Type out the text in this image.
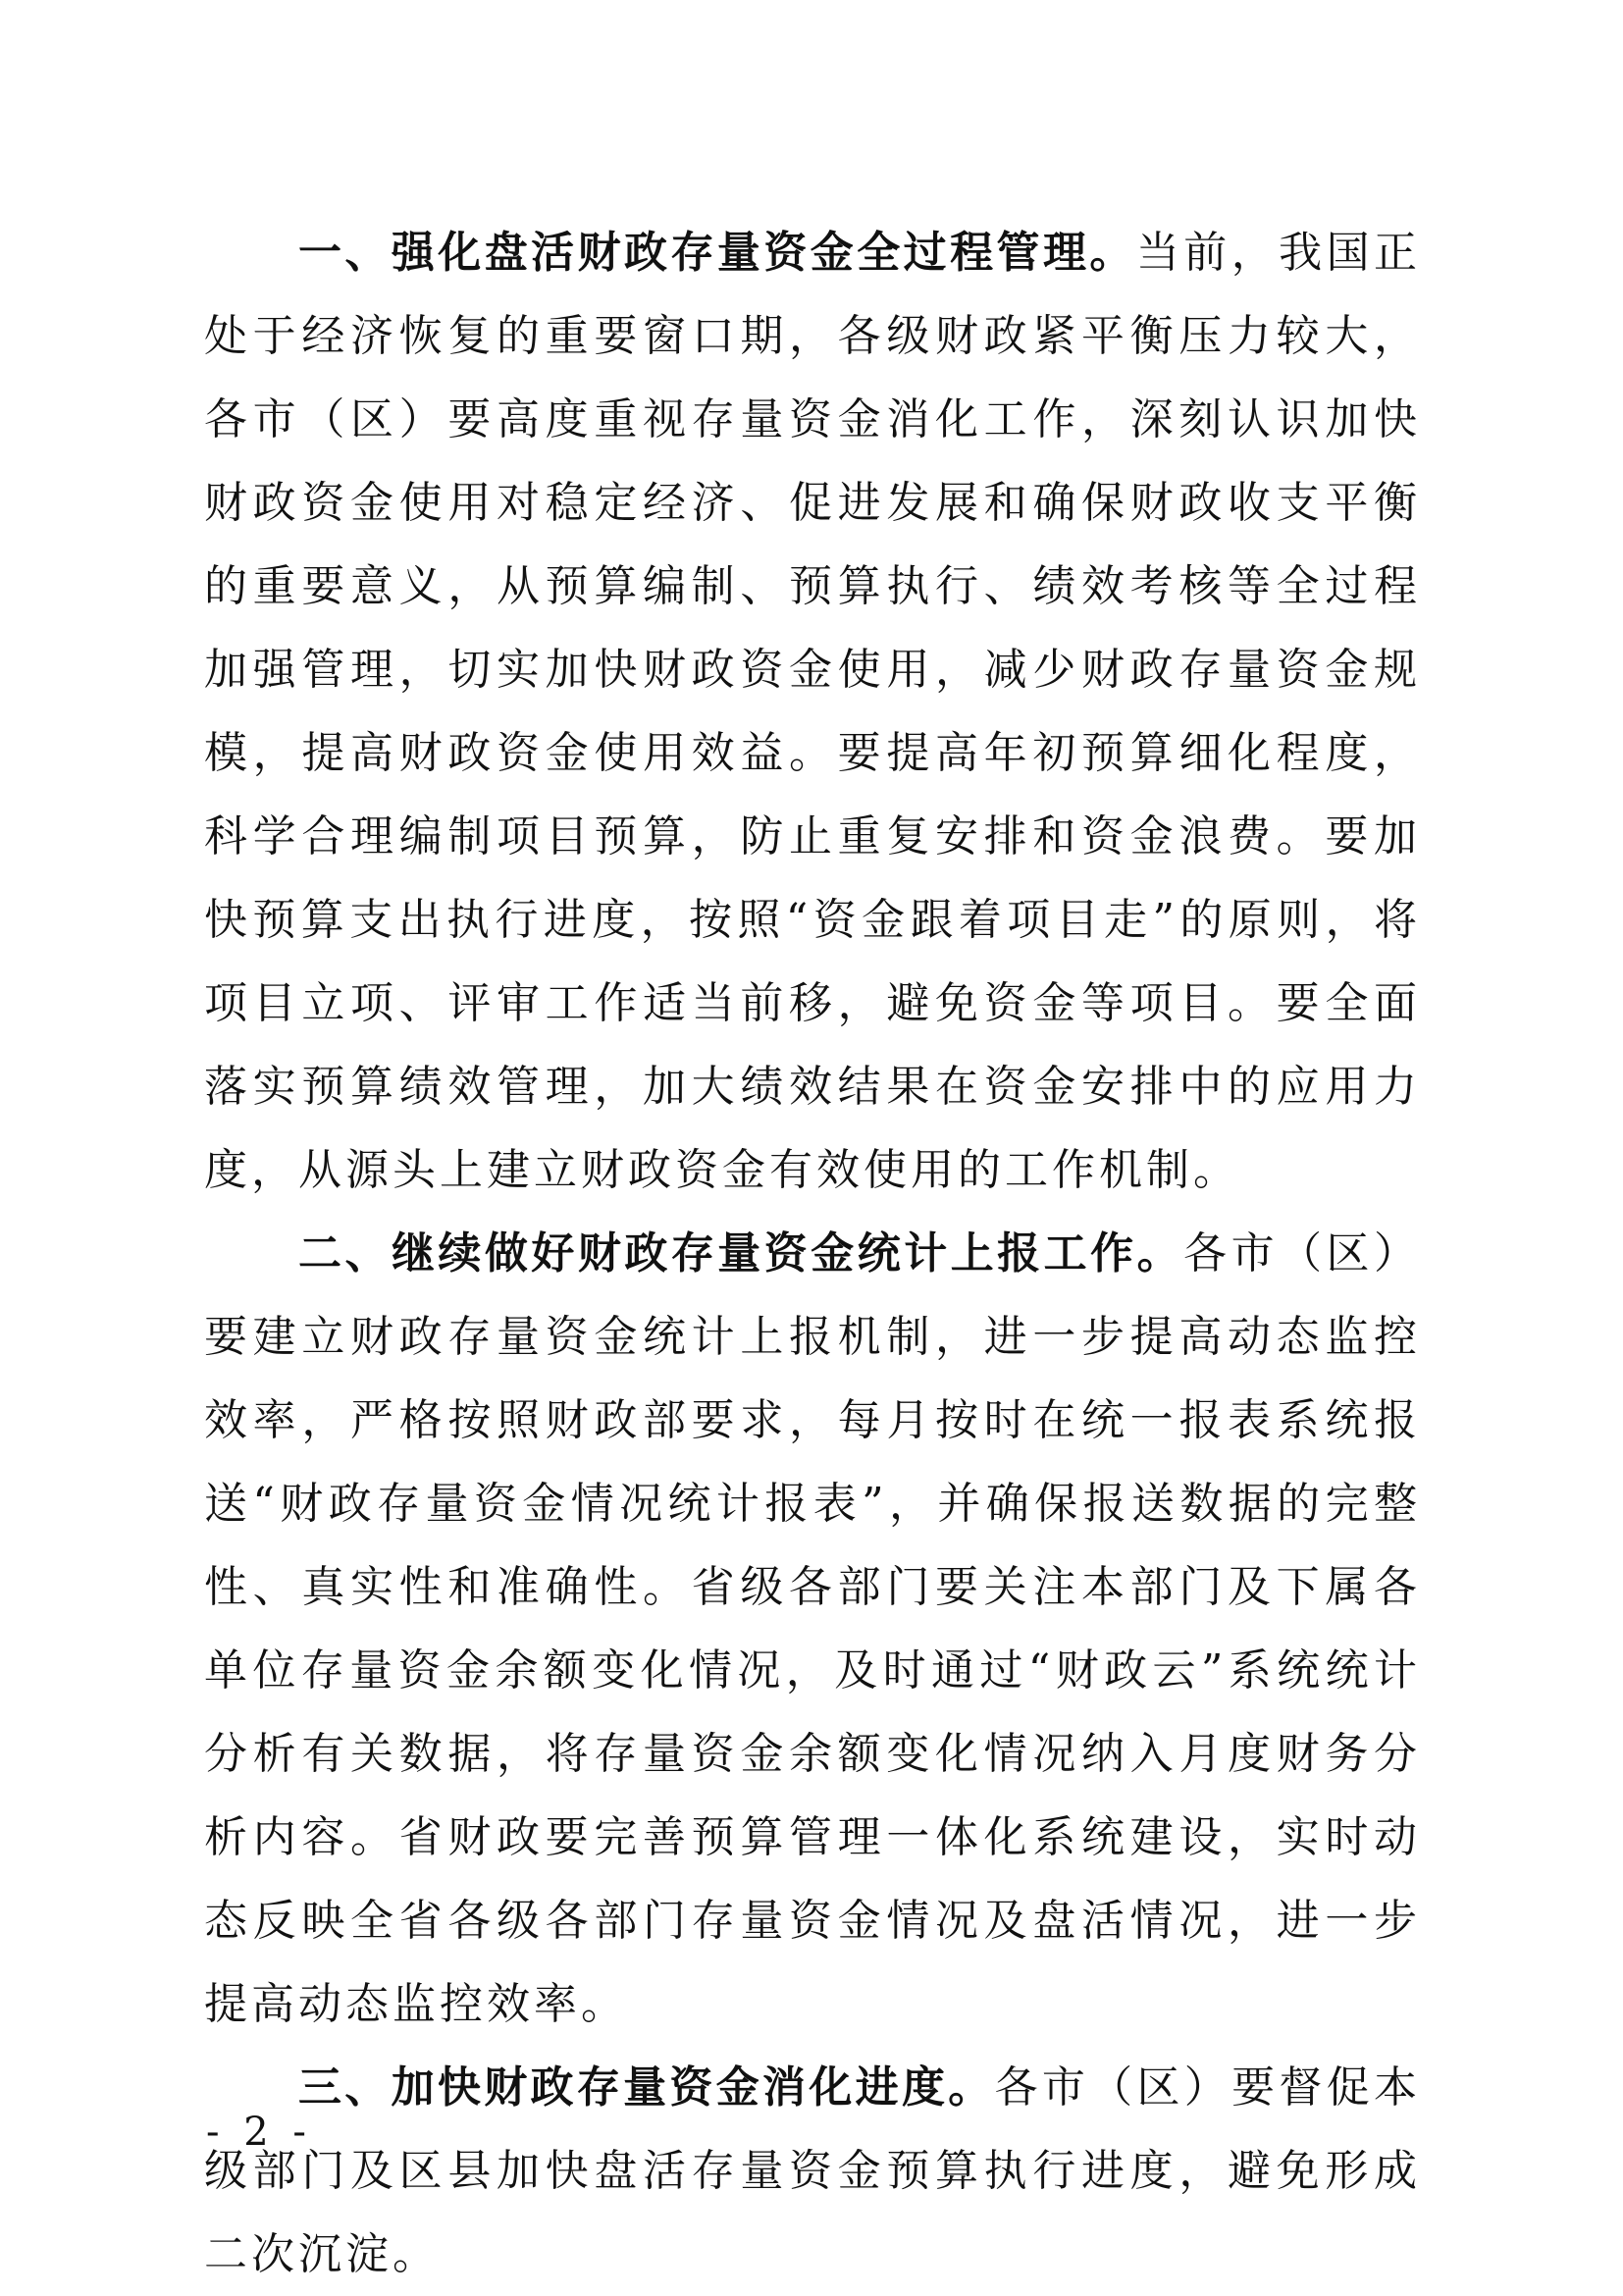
一、强化盘活财政存量资金全过程管理。当前，我国正处于经济恢复的重要窗口期，各级财政紧平衡压力较大，各市（区）要高度重视存量资金消化工作，深刻认识加快财政资金使用对稳定经济、促进发展和确保财政收支平衡的重要意义，从预算编制、预算执行、绩效考核等全过程加强管理，切实加快财政资金使用，减少财政存量资金规模，提高财政资金使用效益。要提高年初预算细化程度，科学合理编制项目预算，防止重复安排和资金浪费。要加快预算支出执行进度，按照“资金跟着项目走”的原则，将项目立项、评审工作适当前移，避免资金等项目。要全面落实预算绩效管理，加大绩效结果在资金安排中的应用力度，从源头上建立财政资金有效使用的工作机制。

二、继续做好财政存量资金统计上报工作。各市（区）要建立财政存量资金统计上报机制，进一步提高动态监控效率，严格按照财政部要求，每月按时在统一报表系统报送“财政存量资金情况统计报表”，并确保报送数据的完整性、真实性和准确性。省级各部门要关注本部门及下属各单位存量资金余额变化情况，及时通过“财政云”系统统计分析有关数据，将存量资金余额变化情况纳入月度财务分析内容。省财政要完善预算管理一体化系统建设，实时动态反映全省各级各部门存量资金情况及盘活情况，进一步提高动态监控效率。

三、加快财政存量资金消化进度。各市（区）要督促本级部门及区县加快盘活存量资金预算执行进度，避免形成二次沉淀。

- 2 -
